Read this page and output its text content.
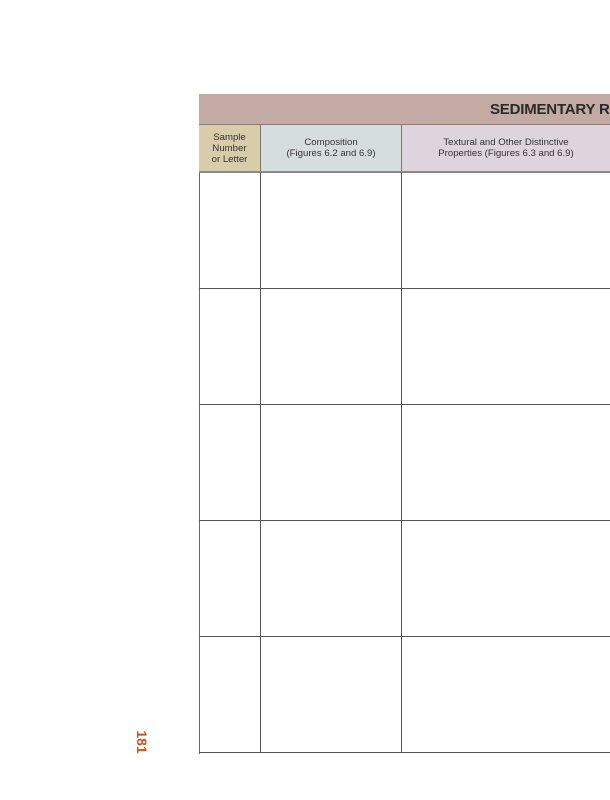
SEDIMENTARY R
Sample
Number
or Letter
Composition
(Figures 6.2 and 6.9)
Textural and Other Distinctive
Properties (Figures 6.3 and 6.9)
181
